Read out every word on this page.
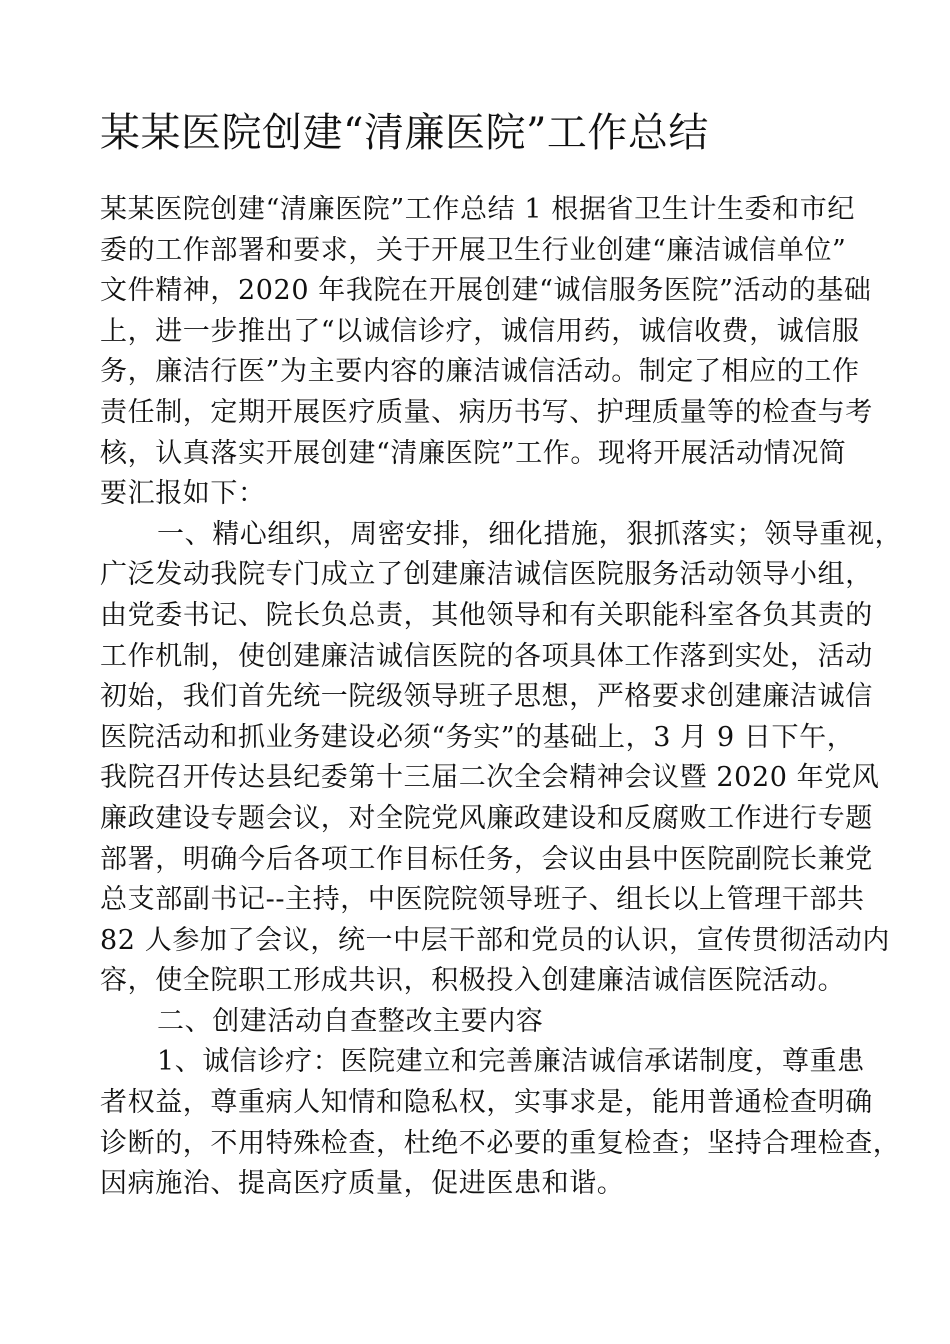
某某医院创建“清廉医院”工作总结
某某医院创建“清廉医院”工作总结 1 根据省卫生计生委和市纪
委的工作部署和要求，关于开展卫生行业创建“廉洁诚信单位”
文件精神，2020 年我院在开展创建“诚信服务医院”活动的基础
上，进一步推出了“以诚信诊疗，诚信用药，诚信收费，诚信服
务，廉洁行医”为主要内容的廉洁诚信活动。制定了相应的工作
责任制，定期开展医疗质量、病历书写、护理质量等的检查与考
核，认真落实开展创建“清廉医院”工作。现将开展活动情况简
要汇报如下：
一、精心组织，周密安排，细化措施，狠抓落实；领导重视，
广泛发动我院专门成立了创建廉洁诚信医院服务活动领导小组，
由党委书记、院长负总责，其他领导和有关职能科室各负其责的
工作机制，使创建廉洁诚信医院的各项具体工作落到实处，活动
初始，我们首先统一院级领导班子思想，严格要求创建廉洁诚信
医院活动和抓业务建设必须“务实”的基础上，3 月 9 日下午，
我院召开传达县纪委第十三届二次全会精神会议暨 2020 年党风
廉政建设专题会议，对全院党风廉政建设和反腐败工作进行专题
部署，明确今后各项工作目标任务，会议由县中医院副院长兼党
总支部副书记--主持，中医院院领导班子、组长以上管理干部共
82 人参加了会议，统一中层干部和党员的认识，宣传贯彻活动内
容，使全院职工形成共识，积极投入创建廉洁诚信医院活动。
二、创建活动自查整改主要内容
1、诚信诊疗：医院建立和完善廉洁诚信承诺制度，尊重患
者权益，尊重病人知情和隐私权，实事求是，能用普通检查明确
诊断的，不用特殊检查，杜绝不必要的重复检查；坚持合理检查，
因病施治、提高医疗质量，促进医患和谐。
